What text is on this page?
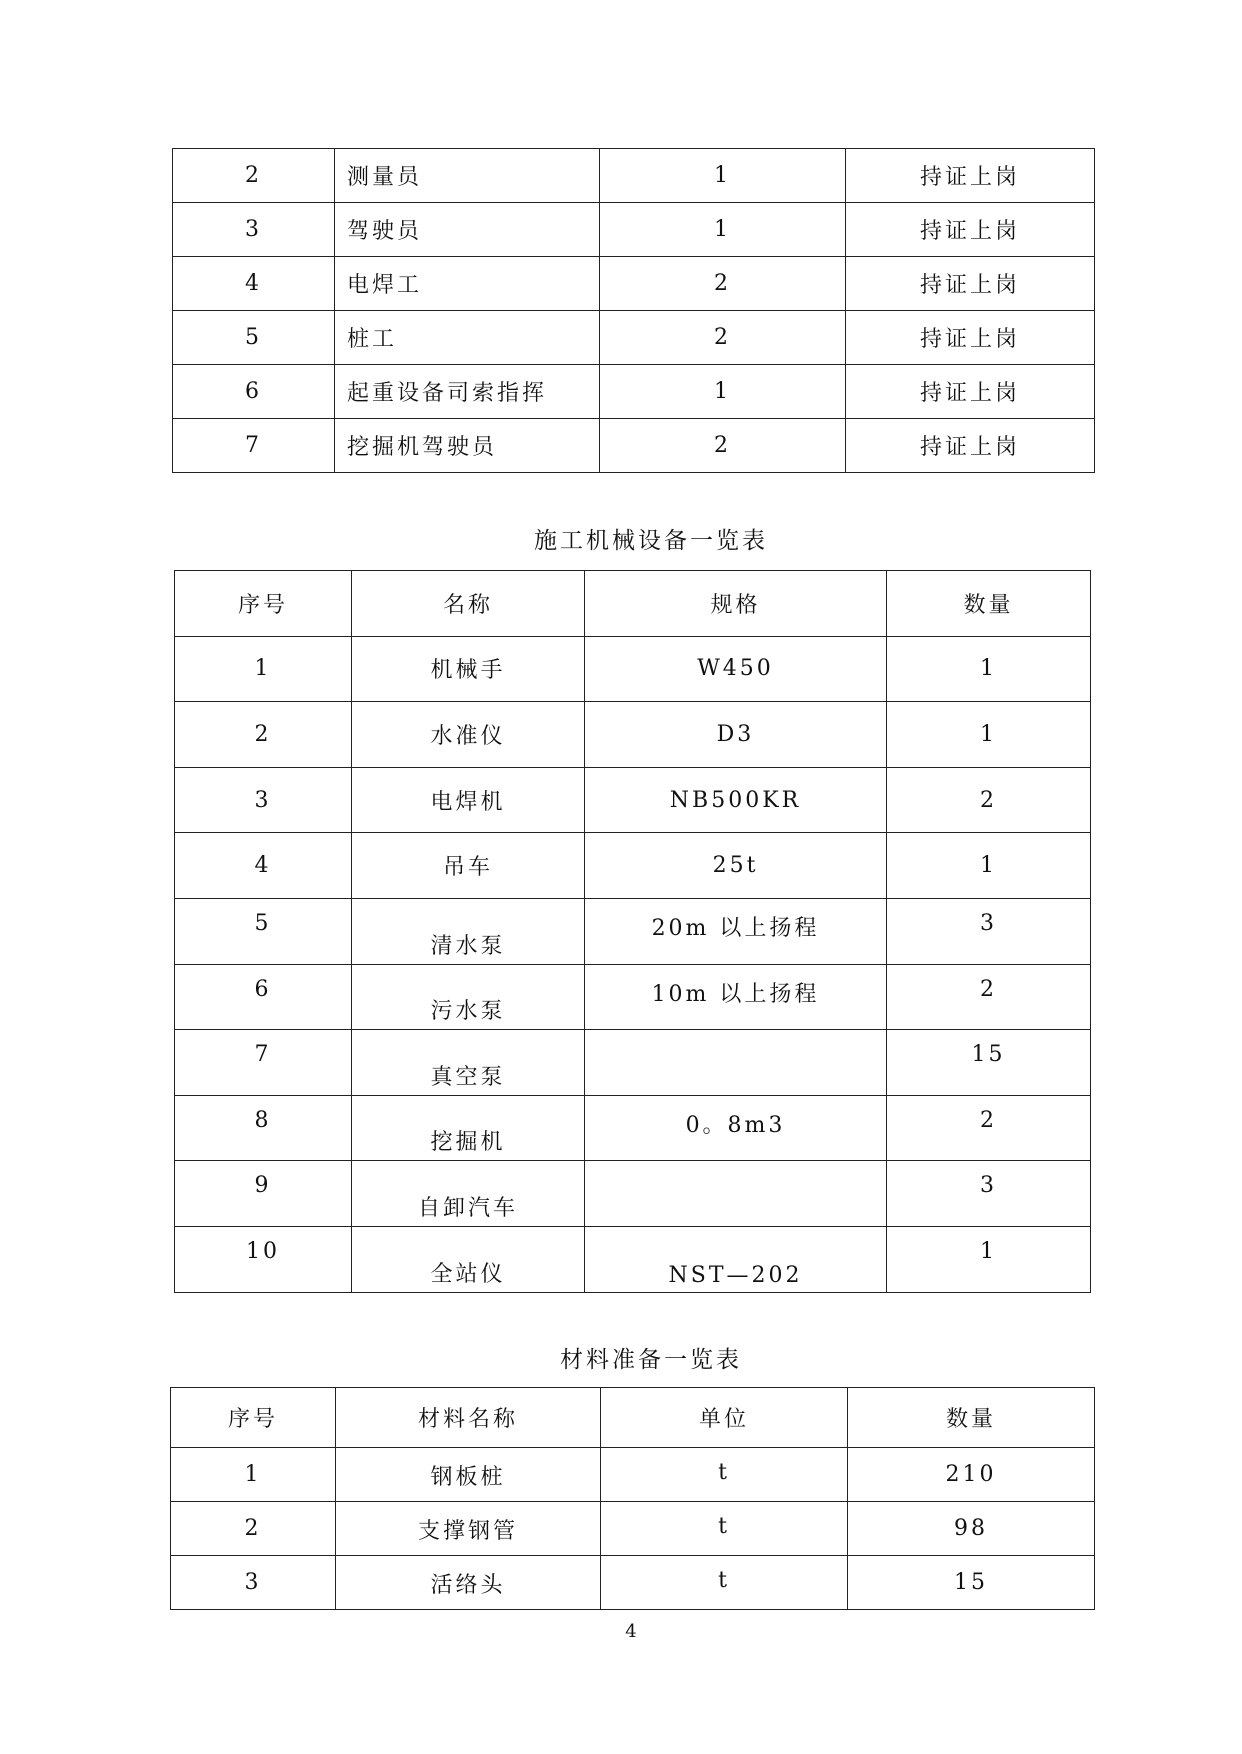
2	测量员	1	持证上岗
3	驾驶员	1	持证上岗
4	电焊工	2	持证上岗
5	桩工	2	持证上岗
6	起重设备司索指挥	1	持证上岗
7	挖掘机驾驶员	2	持证上岗
施工机械设备一览表
序号	名称	规格	数量
1	机械手	W450	1
2	水准仪	D3	1
3	电焊机	NB500KR	2
4	吊车	25t	1
5	清水泵	20m 以上扬程	3
6	污水泵	10m 以上扬程	2
7	真空泵		15
8	挖掘机	0。8m3	2
9	自卸汽车		3
10	全站仪	NST—202	1
材料准备一览表
序号	材料名称	单位	数量
1	钢板桩	t	210
2	支撑钢管	t	98
3	活络头	t	15
4
